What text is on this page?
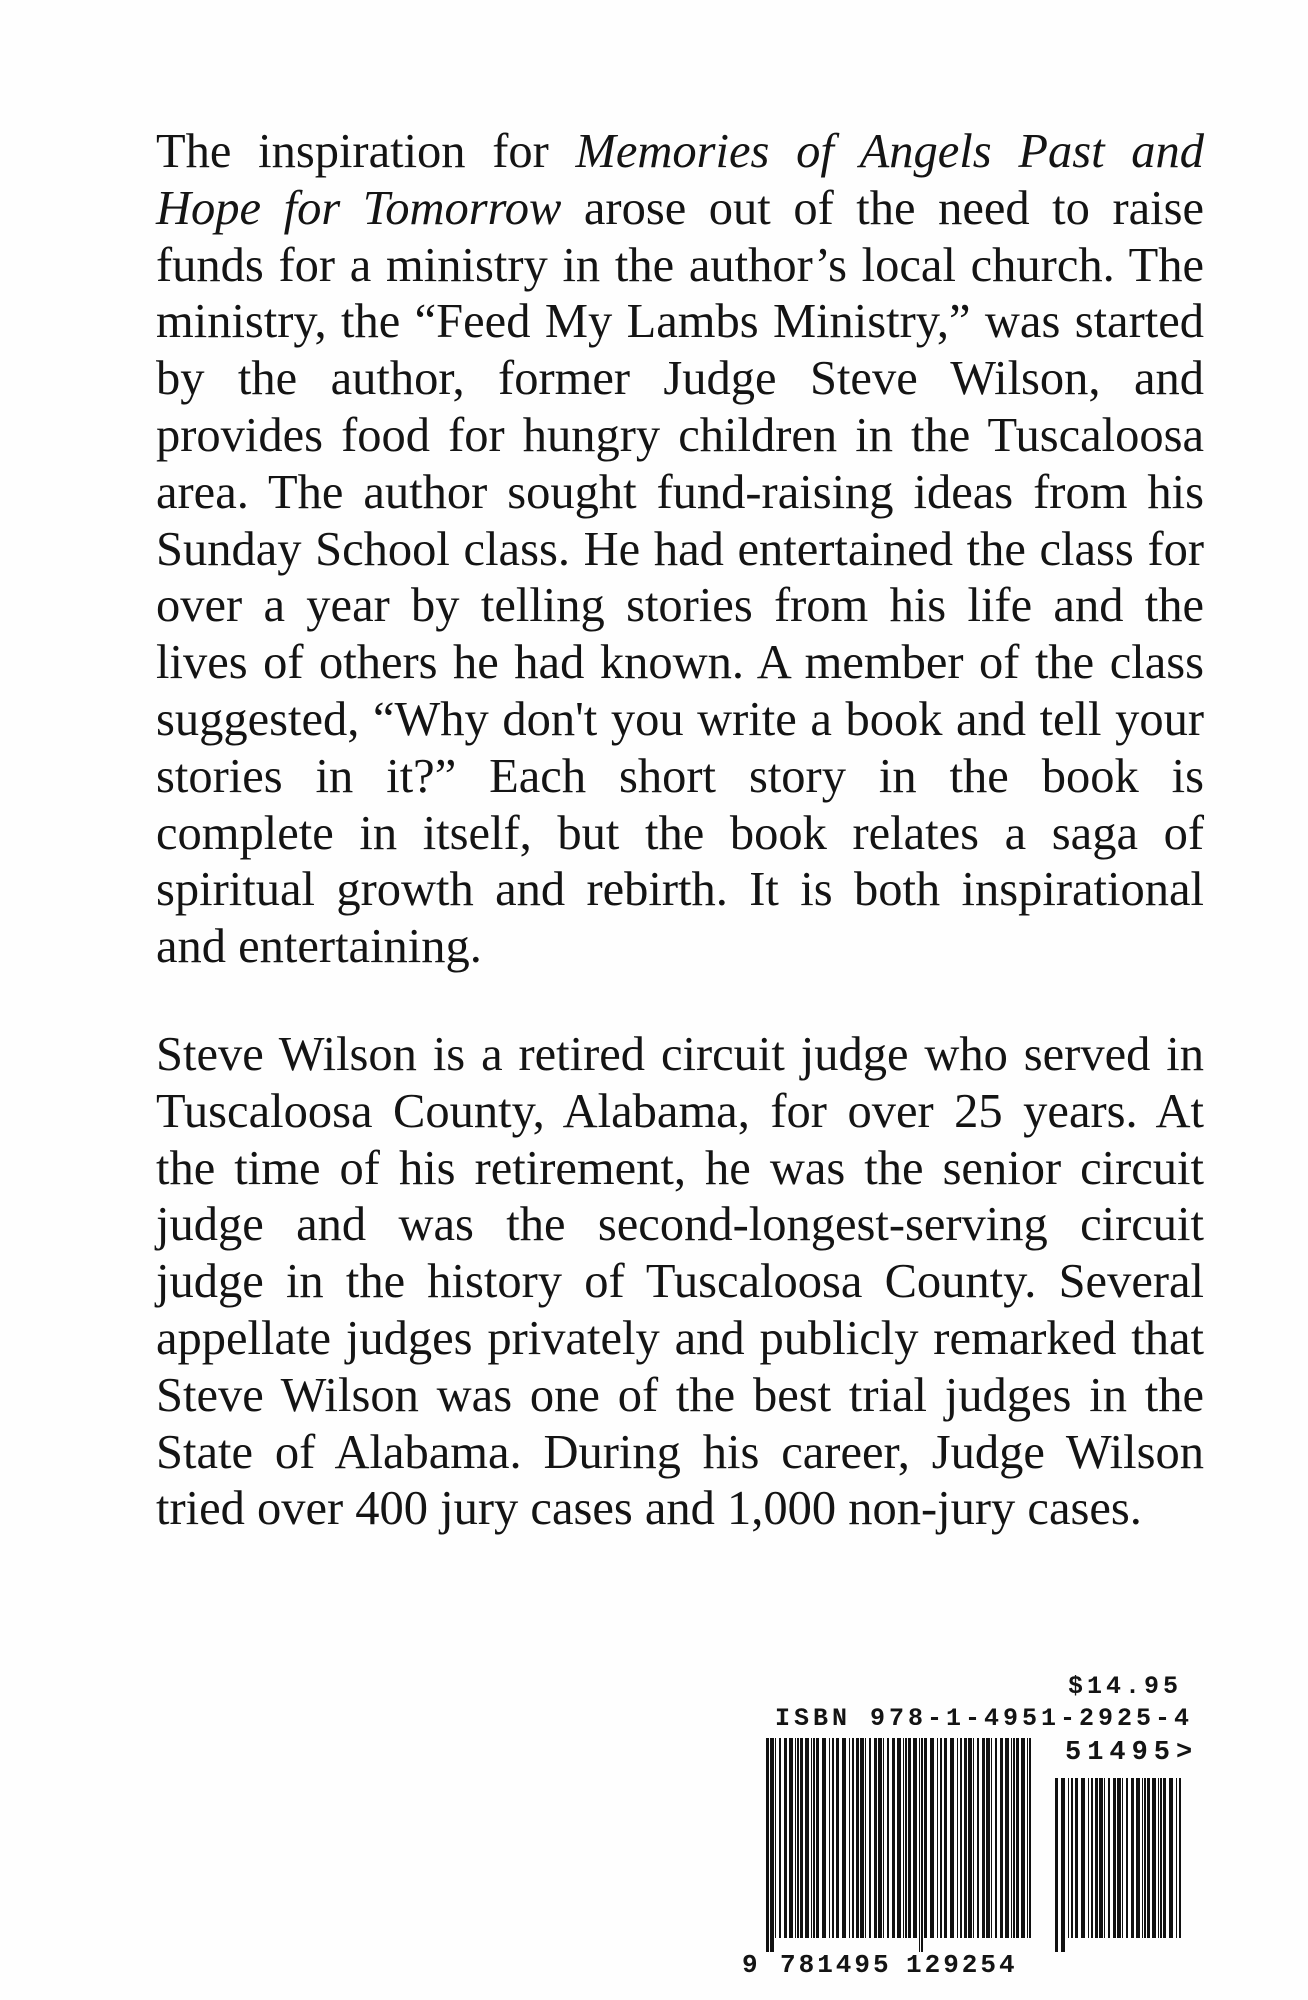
The inspiration for Memories of Angels Past and Hope for Tomorrow arose out of the need to raise funds for a ministry in the author’s local church. The ministry, the “Feed My Lambs Ministry,” was started by the author, former Judge Steve Wilson, and provides food for hungry children in the Tuscaloosa area. The author sought fund-raising ideas from his Sunday School class. He had entertained the class for over a year by telling stories from his life and the lives of others he had known. A member of the class suggested, “Why don't you write a book and tell your stories in it?” Each short story in the book is complete in itself, but the book relates a saga of spiritual growth and rebirth. It is both inspirational and entertaining.

Steve Wilson is a retired circuit judge who served in Tuscaloosa County, Alabama, for over 25 years. At the time of his retirement, he was the senior circuit judge and was the second-longest-serving circuit judge in the history of Tuscaloosa County. Several appellate judges privately and publicly remarked that Steve Wilson was one of the best trial judges in the State of Alabama. During his career, Judge Wilson tried over 400 jury cases and 1,000 non-jury cases.

$14.95
ISBN 978-1-4951-2925-4
51495>
9 781495 129254
